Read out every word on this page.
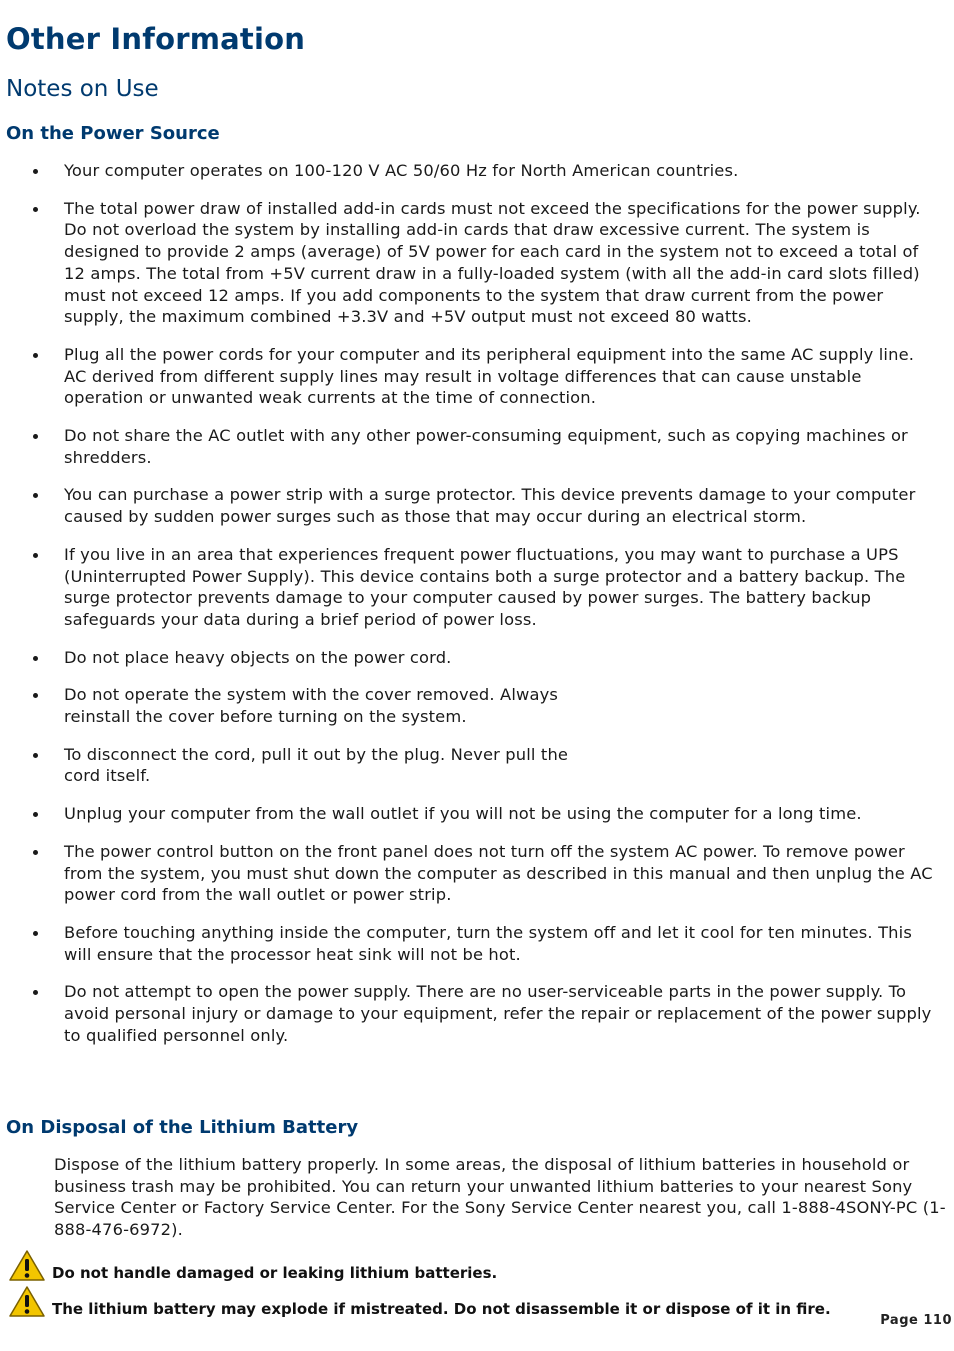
Other Information
Notes on Use
On the Power Source
Your computer operates on 100-120 V AC 50/60 Hz for North American countries.
The total power draw of installed add-in cards must not exceed the specifications for the power supply. Do not overload the system by installing add-in cards that draw excessive current. The system is designed to provide 2 amps (average) of 5V power for each card in the system not to exceed a total of 12 amps. The total from +5V current draw in a fully-loaded system (with all the add-in card slots filled) must not exceed 12 amps. If you add components to the system that draw current from the power supply, the maximum combined +3.3V and +5V output must not exceed 80 watts.
Plug all the power cords for your computer and its peripheral equipment into the same AC supply line. AC derived from different supply lines may result in voltage differences that can cause unstable operation or unwanted weak currents at the time of connection.
Do not share the AC outlet with any other power-consuming equipment, such as copying machines or shredders.
You can purchase a power strip with a surge protector. This device prevents damage to your computer caused by sudden power surges such as those that may occur during an electrical storm.
If you live in an area that experiences frequent power fluctuations, you may want to purchase a UPS (Uninterrupted Power Supply). This device contains both a surge protector and a battery backup. The surge protector prevents damage to your computer caused by power surges. The battery backup safeguards your data during a brief period of power loss.
Do not place heavy objects on the power cord.
Do not operate the system with the cover removed. Always reinstall the cover before turning on the system.
To disconnect the cord, pull it out by the plug. Never pull the cord itself.
Unplug your computer from the wall outlet if you will not be using the computer for a long time.
The power control button on the front panel does not turn off the system AC power. To remove power from the system, you must shut down the computer as described in this manual and then unplug the AC power cord from the wall outlet or power strip.
Before touching anything inside the computer, turn the system off and let it cool for ten minutes. This will ensure that the processor heat sink will not be hot.
Do not attempt to open the power supply. There are no user-serviceable parts in the power supply. To avoid personal injury or damage to your equipment, refer the repair or replacement of the power supply to qualified personnel only.
On Disposal of the Lithium Battery

Dispose of the lithium battery properly. In some areas, the disposal of lithium batteries in household or business trash may be prohibited. You can return your unwanted lithium batteries to your nearest Sony Service Center or Factory Service Center. For the Sony Service Center nearest you, call 1-888-4SONY-PC (1-888-476-6972).

Do not handle damaged or leaking lithium batteries.
The lithium battery may explode if mistreated. Do not disassemble it or dispose of it in fire.
Page 110
